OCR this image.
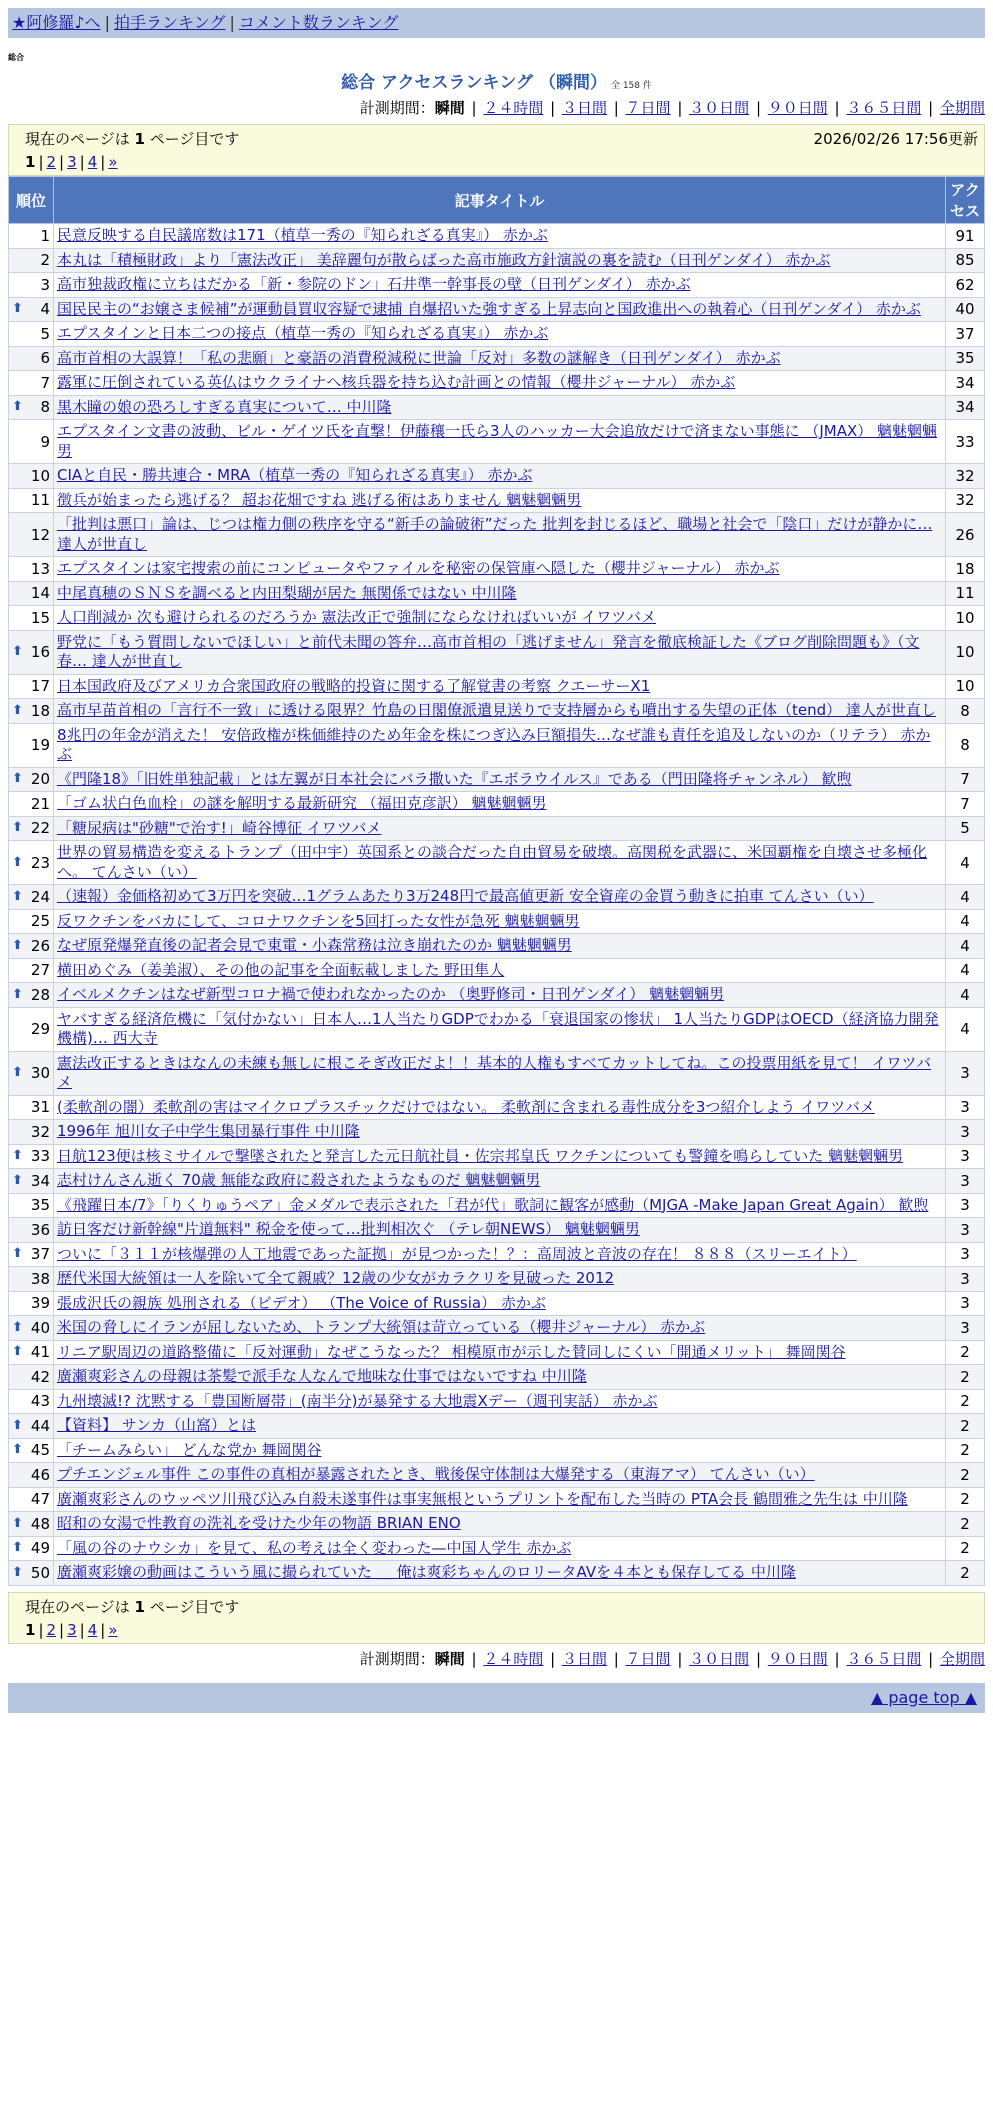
★阿修羅♪へ | 拍手ランキング | コメント数ランキング
総合
総合 アクセスランキング （瞬間） 全 158 件
計測期間：瞬間 | ２４時間 | ３日間 | ７日間 | ３０日間 | ９０日間 | ３６５日間 | 全期間
現在のページは 1 ページ目です	2026/02/26 17:56更新
1 | 2 | 3 | 4 | »
順位	記事タイトル	アクセス
1	民意反映する自民議席数は171（植草一秀の『知られざる真実』） 赤かぶ	91
2	本丸は「積極財政」より「憲法改正」 美辞麗句が散らばった高市施政方針演説の裏を読む（日刊ゲンダイ） 赤かぶ	85
3	高市独裁政権に立ちはだかる「新・参院のドン」石井準一幹事長の壁（日刊ゲンダイ） 赤かぶ	62

⬆ 4	国民民主の“お嬢さま候補”が運動員買収容疑で逮捕 自爆招いた強すぎる上昇志向と国政進出への執着心（日刊ゲンダイ） 赤かぶ	40
5	エプスタインと日本二つの接点（植草一秀の『知られざる真実』） 赤かぶ	37
6	高市首相の大誤算！「私の悲願」と豪語の消費税減税に世論「反対」多数の謎解き（日刊ゲンダイ） 赤かぶ	35
7	露軍に圧倒されている英仏はウクライナへ核兵器を持ち込む計画との情報（櫻井ジャーナル） 赤かぶ	34

⬆ 8	黒木瞳の娘の恐ろしすぎる真実について… 中川隆	34
9	エプスタイン文書の波動、ビル・ゲイツ氏を直撃！伊藤穰一氏ら3人のハッカー大会追放だけで済まない事態に （JMAX） 魑魅魍魎男	33
10	CIAと自民・勝共連合・MRA（植草一秀の『知られざる真実』） 赤かぶ	32
11	徴兵が始まったら逃げる？ 超お花畑ですね 逃げる術はありません 魑魅魍魎男	32
12	「批判は悪口」論は、じつは権力側の秩序を守る“新手の論破術”だった 批判を封じるほど、職場と社会で「陰口」だけが静かに… 達人が世直し	26
13	エプスタインは家宅捜索の前にコンピュータやファイルを秘密の保管庫へ隠した（櫻井ジャーナル） 赤かぶ	18
14	中尾真穂のＳＮＳを調べると内田梨瑚が居た 無関係ではない 中川隆	11
15	人口削減か 次も避けられるのだろうか 憲法改正で強制にならなければいいが イワツバメ	10

⬆ 16	野党に「もう質問しないでほしい」と前代未聞の答弁…高市首相の「逃げません」発言を徹底検証した《ブログ削除問題も》（文春… 達人が世直し	10
17	日本国政府及びアメリカ合衆国政府の戦略的投資に関する了解覚書の考察 クエーサーX1	10

⬆ 18	高市早苗首相の「言行不一致」に透ける限界？竹島の日閣僚派遣見送りで支持層からも噴出する失望の正体（tend） 達人が世直し	8
19	8兆円の年金が消えた！ 安倍政権が株価維持のため年金を株につぎ込み巨額損失…なぜ誰も責任を追及しないのか（リテラ） 赤かぶ	8

⬆ 20	《門隆18》「旧姓単独記載」とは左翼が日本社会にバラ撒いた『エボラウイルス』である（門田隆将チャンネル） 歓煦	7
21	「ゴム状白色血栓」の謎を解明する最新研究 （福田克彦訳） 魑魅魍魎男	7

⬆ 22	「糖尿病は"砂糖"で治す!」崎谷博征 イワツバメ	5

⬆ 23	世界の貿易構造を変えるトランプ（田中宇）英国系との談合だった自由貿易を破壊。高関税を武器に、米国覇権を自壊させ多極化へ。 てんさい（い）	4

⬆ 24	（速報）金価格初めて3万円を突破…1グラムあたり3万248円で最高値更新 安全資産の金買う動きに拍車 てんさい（い）	4
25	反ワクチンをバカにして、コロナワクチンを5回打った女性が急死 魑魅魍魎男	4

⬆ 26	なぜ原発爆発直後の記者会見で東電・小森常務は泣き崩れたのか 魑魅魍魎男	4
27	横田めぐみ（姜美淑）、その他の記事を全面転載しました 野田隼人	4

⬆ 28	イベルメクチンはなぜ新型コロナ禍で使われなかったのか （奥野修司・日刊ゲンダイ） 魑魅魍魎男	4
29	ヤバすぎる経済危機に「気付かない」日本人…1人当たりGDPでわかる「衰退国家の惨状」 1人当たりGDPはOECD（経済協力開発機構)… 西大寺	4

⬆ 30	憲法改正するときはなんの未練も無しに根こそぎ改正だよ！！基本的人権もすべてカットしてね。この投票用紙を見て！ イワツバメ	3
31	(柔軟剤の闇）柔軟剤の害はマイクロプラスチックだけではない。 柔軟剤に含まれる毒性成分を3つ紹介しよう イワツバメ	3
32	1996年 旭川女子中学生集団暴行事件 中川隆	3

⬆ 33	日航123便は核ミサイルで撃墜されたと発言した元日航社員・佐宗邦皇氏 ワクチンについても警鐘を鳴らしていた 魑魅魍魎男	3

⬆ 34	志村けんさん逝く 70歳 無能な政府に殺されたようなものだ 魑魅魍魎男	3
35	《飛躍日本/7》「りくりゅうペア」金メダルで表示された「君が代」歌詞に観客が感動（MJGA -Make Japan Great Again） 歓煦	3
36	訪日客だけ新幹線"片道無料" 税金を使って…批判相次ぐ （テレ朝NEWS） 魑魅魍魎男	3

⬆ 37	ついに「３１１が核爆弾の人工地震であった証拠」が見つかった！？：高周波と音波の存在！ ８８８（スリーエイト）	3
38	歴代米国大統領は一人を除いて全て親戚？12歳の少女がカラクリを見破った 2012	3
39	張成沢氏の親族 処刑される（ビデオ） （The Voice of Russia） 赤かぶ	3

⬆ 40	米国の脅しにイランが屈しないため、トランプ大統領は苛立っている（櫻井ジャーナル） 赤かぶ	3

⬆ 41	リニア駅周辺の道路整備に「反対運動」なぜこうなった？ 相模原市が示した賛同しにくい「開通メリット」 舞岡関谷	2
42	廣瀬爽彩さんの母親は茶髪で派手な人なんで地味な仕事ではないですね 中川隆	2
43	九州壊滅!? 沈黙する「豊国断層帯」(南半分)が暴発する大地震Xデー（週刊実話） 赤かぶ	2

⬆ 44	【資料】 サンカ（山窩）とは	2

⬆ 45	「チームみらい」 どんな党か 舞岡関谷	2
46	プチエンジェル事件 この事件の真相が暴露されたとき、戦後保守体制は大爆発する（東海アマ） てんさい（い）	2
47	廣瀬爽彩さんのウッペツ川飛び込み自殺未遂事件は事実無根というプリントを配布した当時の PTA会長 鶴間雅之先生は 中川隆	2

⬆ 48	昭和の女湯で性教育の洗礼を受けた少年の物語 BRIAN ENO	2

⬆ 49	「風の谷のナウシカ」を見て、私の考えは全く変わった—中国人学生 赤かぶ	2

⬆ 50	廣瀬爽彩嬢の動画はこういう風に撮られていた ＿ 俺は爽彩ちゃんのロリータAVを４本とも保存してる 中川隆	2
現在のページは 1 ページ目です
1 | 2 | 3 | 4 | »
計測期間：瞬間 | ２４時間 | ３日間 | ７日間 | ３０日間 | ９０日間 | ３６５日間 | 全期間
▲ page top ▲
